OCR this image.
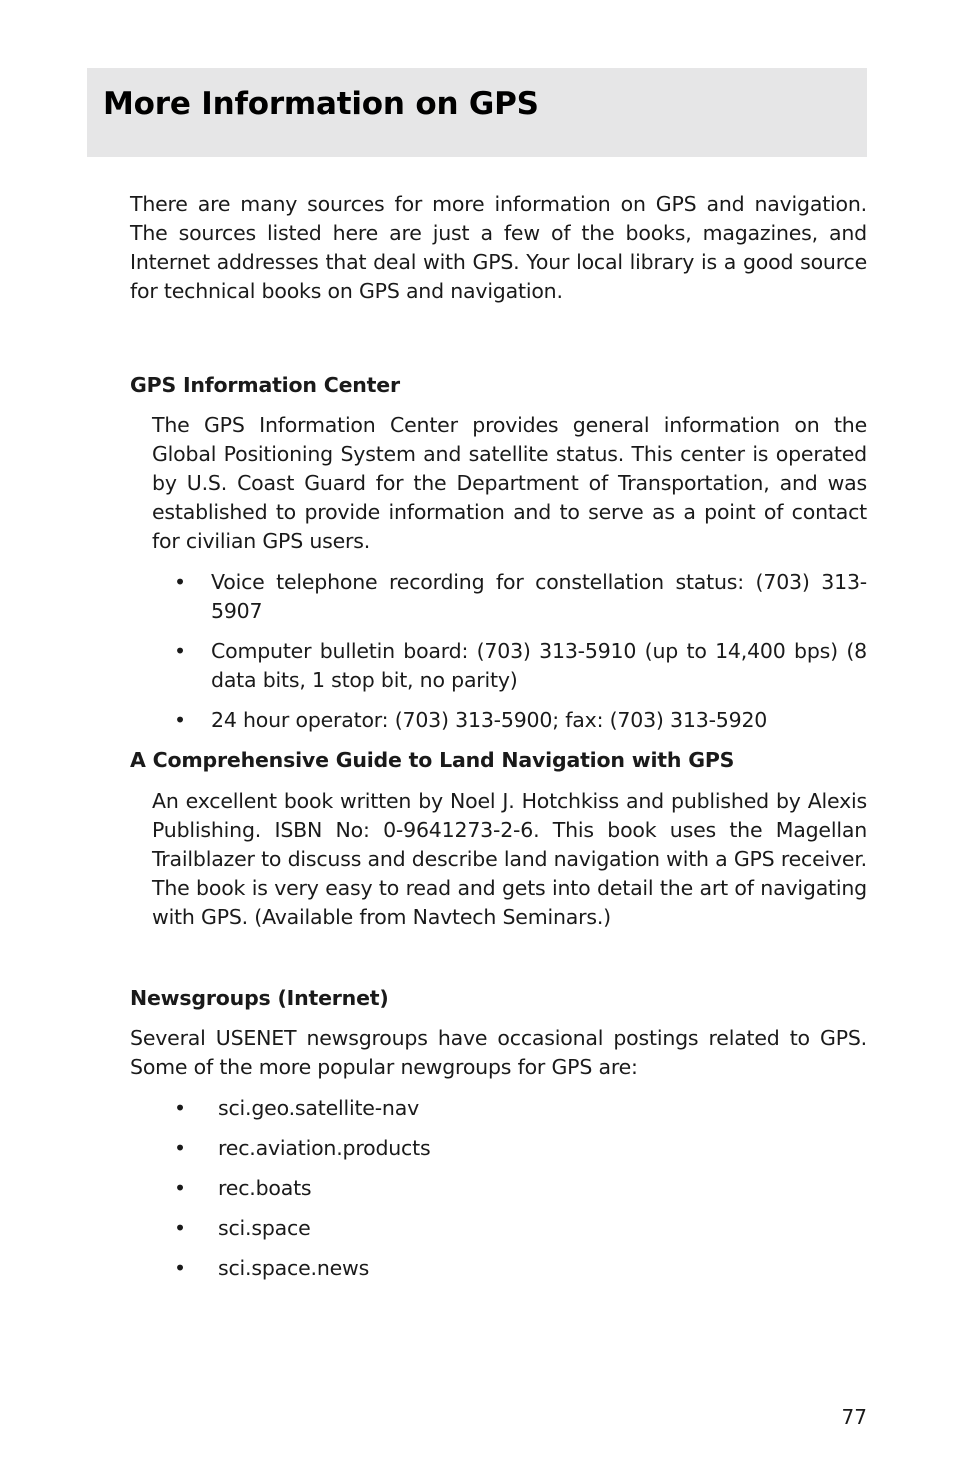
More Information on GPS

There are many sources for more information on GPS and navigation. The sources listed here are just a few of the books, magazines, and Internet addresses that deal with GPS. Your local library is a good source for technical books on GPS and navigation.

GPS Information Center

The GPS Information Center provides general information on the Global Positioning System and satellite status. This center is operated by U.S. Coast Guard for the Department of Transportation, and was established to provide information and to serve as a point of contact for civilian GPS users.

• Voice telephone recording for constellation status: (703) 313-5907
• Computer bulletin board: (703) 313-5910 (up to 14,400 bps) (8 data bits, 1 stop bit, no parity)
• 24 hour operator: (703) 313-5900; fax: (703) 313-5920

A Comprehensive Guide to Land Navigation with GPS

An excellent book written by Noel J. Hotchkiss and published by Alexis Publishing. ISBN No: 0-9641273-2-6. This book uses the Magellan Trailblazer to discuss and describe land navigation with a GPS receiver. The book is very easy to read and gets into detail the art of navigating with GPS. (Available from Navtech Seminars.)

Newsgroups (Internet)

Several USENET newsgroups have occasional postings related to GPS. Some of the more popular newgroups for GPS are:

• sci.geo.satellite-nav
• rec.aviation.products
• rec.boats
• sci.space
• sci.space.news
77
